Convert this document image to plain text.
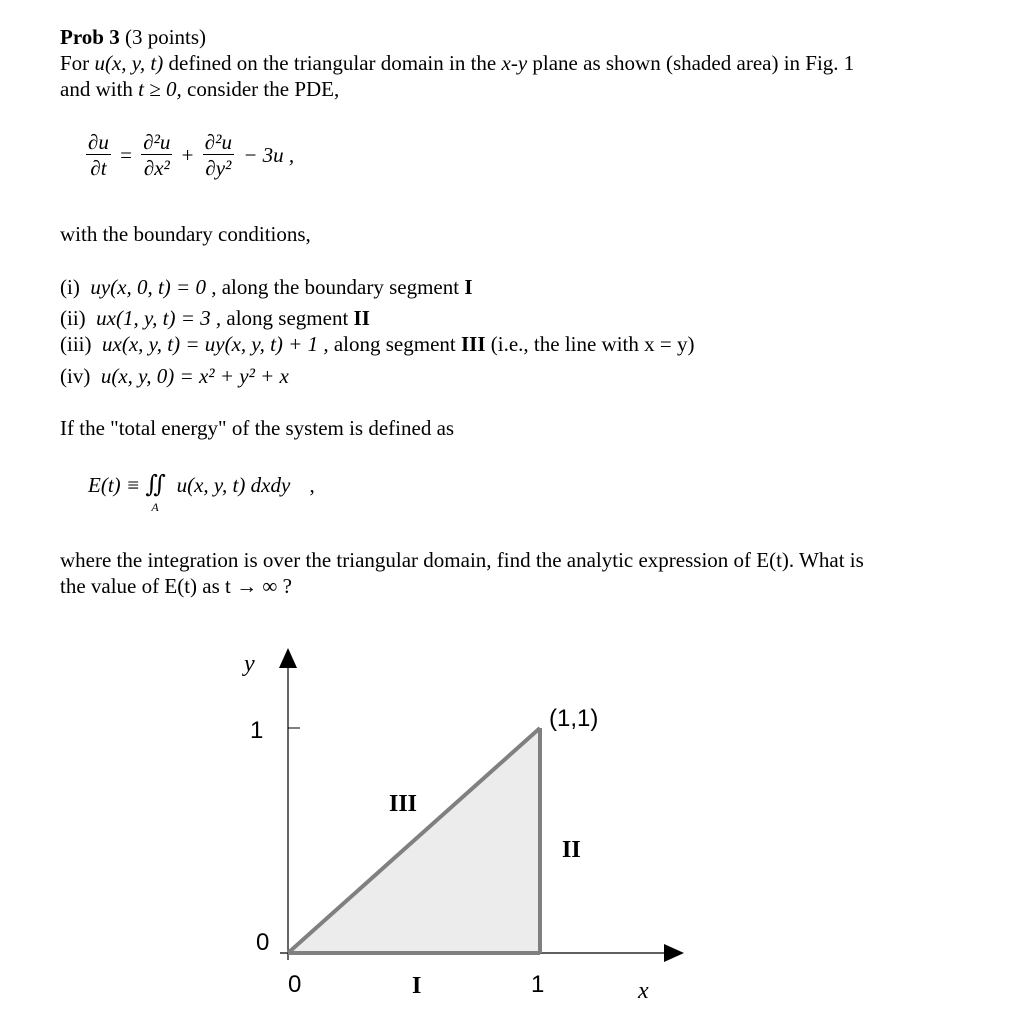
Prob 3 (3 points)
For u(x, y, t) defined on the triangular domain in the x-y plane as shown (shaded area) in Fig. 1
and with t ≥ 0, consider the PDE,
$\frac{\partial u}{\partial t} = \frac{\text{∂²u}}{\text{∂x²}} + \frac{\text{∂²u}}{\text{∂y²}} - 3u$ ,
with the boundary conditions,
(i) uy(x, 0, t) = 0 , along the boundary segment I
(ii) ux(1, y, t) = 3 , along segment II
(iii) ux(x, y, t) = uy(x, y, t) + 1 , along segment III (i.e., the line with x = y)
(iv) u(x, y, 0) = x² + y² + x
If the "total energy" of the system is defined as
E(t) ≡ ∬
A
u(x, y, t) dxdy ,
where the integration is over the triangular domain, find the analytic expression of E(t). What is
the value of E(t) as t → ∞ ?
y
1
0
0	1	x
(1,1)
III
II
I
